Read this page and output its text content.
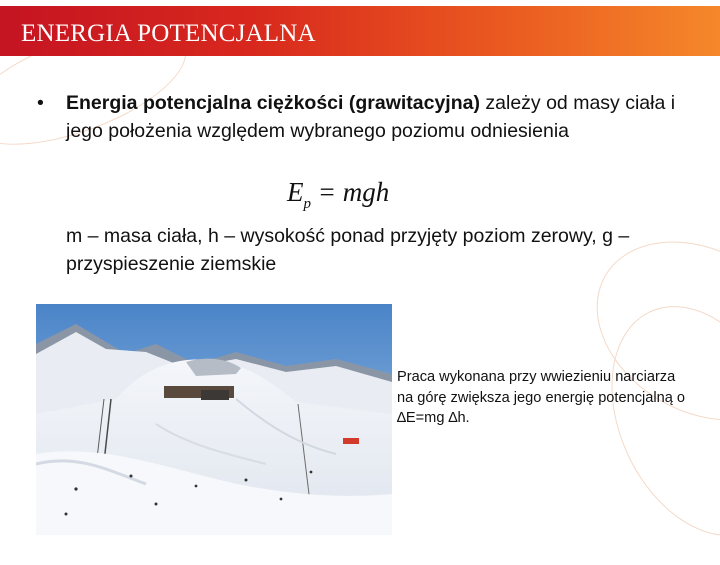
ENERGIA POTENCJALNA
• Energia potencjalna ciężkości (grawitacyjna) zależy od masy ciała i jego położenia względem wybranego poziomu odniesienia
$E_p$ = mgh
m – masa ciała, h – wysokość ponad przyjęty poziom zerowy, g – przyspieszenie ziemskie
Praca wykonana przy wwiezieniu narciarza na górę zwiększa jego energię potencjalną o ∆E=mg ∆h.
